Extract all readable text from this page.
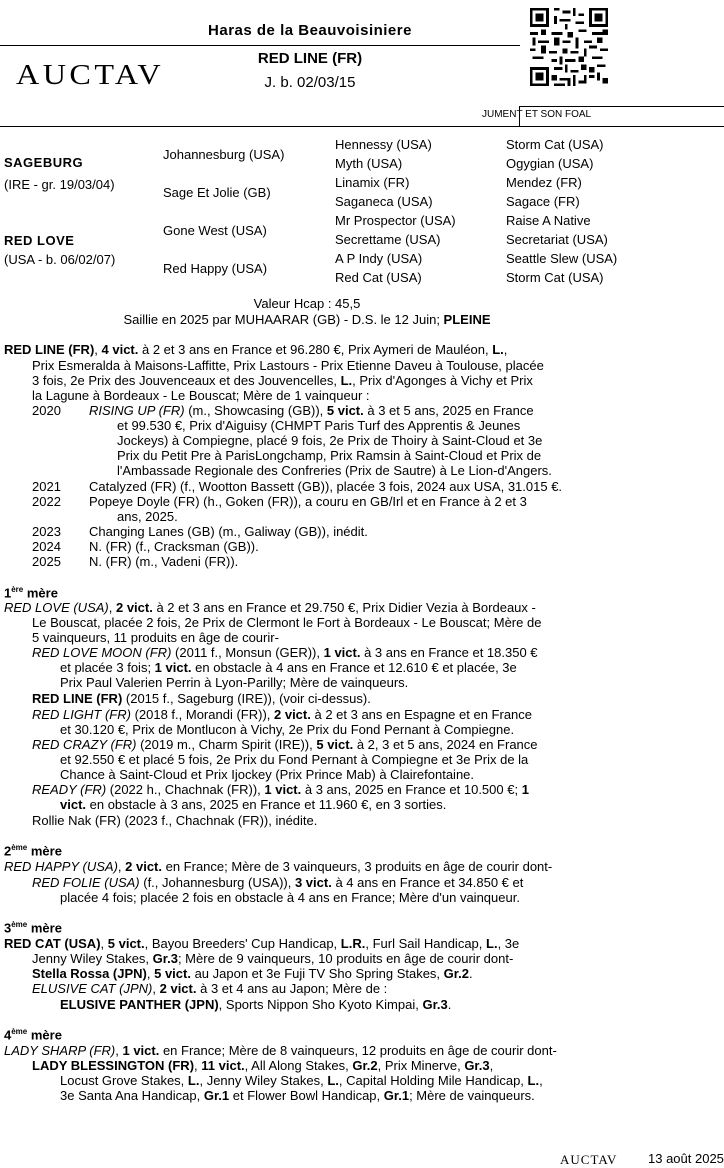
Haras de la Beauvoisiniere
RED LINE (FR)
J. b. 02/03/15
AUCTAV
JUMENT ET SON FOAL
SAGEBURG
(IRE - gr. 19/03/04)
RED LOVE
(USA - b. 06/02/07)
Johannesburg (USA)
Sage Et Jolie (GB)
Gone West (USA)
Red Happy (USA)
Hennessy (USA)
Myth (USA)
Linamix (FR)
Saganeca (USA)
Mr Prospector (USA)
Secrettame (USA)
A P Indy (USA)
Red Cat (USA)
Storm Cat (USA)
Ogygian (USA)
Mendez (FR)
Sagace (FR)
Raise A Native
Secretariat (USA)
Seattle Slew (USA)
Storm Cat (USA)
Valeur Hcap : 45,5
Saillie en 2025 par MUHAARAR (GB) - D.S. le 12 Juin; PLEINE
RED LINE (FR), 4 vict. à 2 et 3 ans en France et 96.280 €, Prix Aymeri de Mauléon, L.,
Prix Esmeralda à Maisons-Laffitte, Prix Lastours - Prix Etienne Daveu à Toulouse, placée
3 fois, 2e Prix des Jouvenceaux et des Jouvencelles, L., Prix d'Agonges à Vichy et Prix
la Lagune à Bordeaux - Le Bouscat; Mère de 1 vainqueur :
2020 RISING UP (FR) (m., Showcasing (GB)), 5 vict. à 3 et 5 ans, 2025 en France
et 99.530 €, Prix d'Aiguisy (CHMPT Paris Turf des Apprentis & Jeunes
Jockeys) à Compiegne, placé 9 fois, 2e Prix de Thoiry à Saint-Cloud et 3e
Prix du Petit Pre à ParisLongchamp, Prix Ramsin à Saint-Cloud et Prix de
l'Ambassade Regionale des Confreries (Prix de Sautre) à Le Lion-d'Angers.
2021 Catalyzed (FR) (f., Wootton Bassett (GB)), placée 3 fois, 2024 aux USA, 31.015 €.
2022 Popeye Doyle (FR) (h., Goken (FR)), a couru en GB/Irl et en France à 2 et 3
ans, 2025.
2023 Changing Lanes (GB) (m., Galiway (GB)), inédit.
2024 N. (FR) (f., Cracksman (GB)).
2025 N. (FR) (m., Vadeni (FR)).
1ère mère
RED LOVE (USA), 2 vict. à 2 et 3 ans en France et 29.750 €, Prix Didier Vezia à Bordeaux -
Le Bouscat, placée 2 fois, 2e Prix de Clermont le Fort à Bordeaux - Le Bouscat; Mère de
5 vainqueurs, 11 produits en âge de courir-
RED LOVE MOON (FR) (2011 f., Monsun (GER)), 1 vict. à 3 ans en France et 18.350 €
et placée 3 fois; 1 vict. en obstacle à 4 ans en France et 12.610 € et placée, 3e
Prix Paul Valerien Perrin à Lyon-Parilly; Mère de vainqueurs.
RED LINE (FR) (2015 f., Sageburg (IRE)), (voir ci-dessus).
RED LIGHT (FR) (2018 f., Morandi (FR)), 2 vict. à 2 et 3 ans en Espagne et en France
et 30.120 €, Prix de Montlucon à Vichy, 2e Prix du Fond Pernant à Compiegne.
RED CRAZY (FR) (2019 m., Charm Spirit (IRE)), 5 vict. à 2, 3 et 5 ans, 2024 en France
et 92.550 € et placé 5 fois, 2e Prix du Fond Pernant à Compiegne et 3e Prix de la
Chance à Saint-Cloud et Prix Ijockey (Prix Prince Mab) à Clairefontaine.
READY (FR) (2022 h., Chachnak (FR)), 1 vict. à 3 ans, 2025 en France et 10.500 €; 1
vict. en obstacle à 3 ans, 2025 en France et 11.960 €, en 3 sorties.
Rollie Nak (FR) (2023 f., Chachnak (FR)), inédite.
2ème mère
RED HAPPY (USA), 2 vict. en France; Mère de 3 vainqueurs, 3 produits en âge de courir dont-
RED FOLIE (USA) (f., Johannesburg (USA)), 3 vict. à 4 ans en France et 34.850 € et
placée 4 fois; placée 2 fois en obstacle à 4 ans en France; Mère d'un vainqueur.
3ème mère
RED CAT (USA), 5 vict., Bayou Breeders' Cup Handicap, L.R., Furl Sail Handicap, L., 3e
Jenny Wiley Stakes, Gr.3; Mère de 9 vainqueurs, 10 produits en âge de courir dont-
Stella Rossa (JPN), 5 vict. au Japon et 3e Fuji TV Sho Spring Stakes, Gr.2.
ELUSIVE CAT (JPN), 2 vict. à 3 et 4 ans au Japon; Mère de :
ELUSIVE PANTHER (JPN), Sports Nippon Sho Kyoto Kimpai, Gr.3.
4ème mère
LADY SHARP (FR), 1 vict. en France; Mère de 8 vainqueurs, 12 produits en âge de courir dont-
LADY BLESSINGTON (FR), 11 vict., All Along Stakes, Gr.2, Prix Minerve, Gr.3,
Locust Grove Stakes, L., Jenny Wiley Stakes, L., Capital Holding Mile Handicap, L.,
3e Santa Ana Handicap, Gr.1 et Flower Bowl Handicap, Gr.1; Mère de vainqueurs.
AUCTAV 13 août 2025
